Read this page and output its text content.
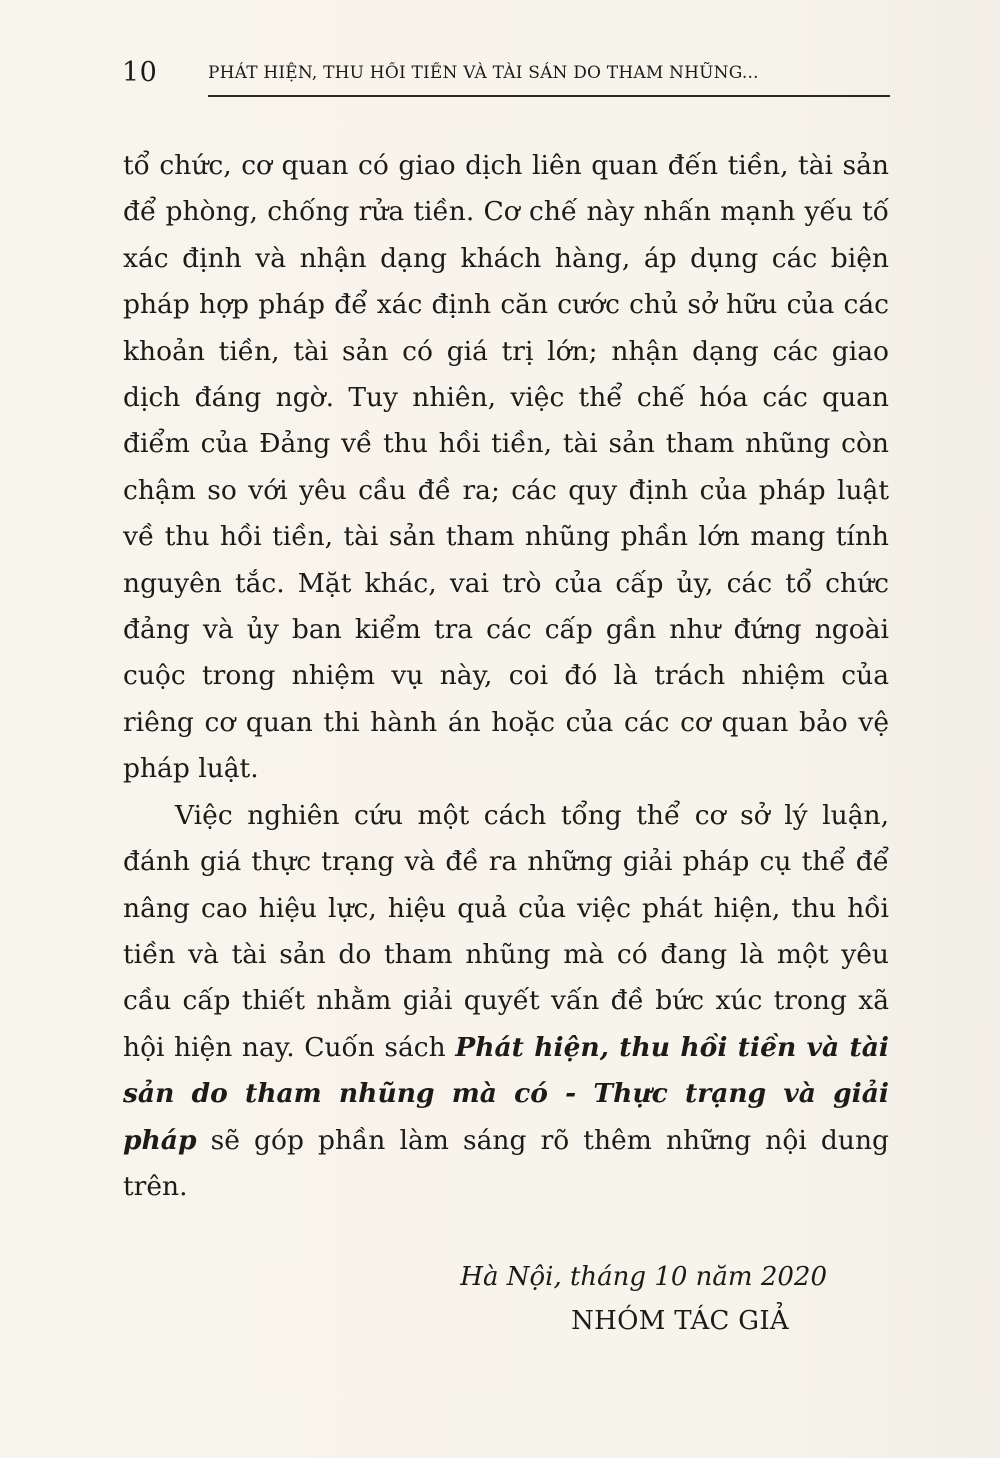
10	PHÁT HIỆN, THU HỒI TIỀN VÀ TÀI SẢN DO THAM NHŨNG...

tổ chức, cơ quan có giao dịch liên quan đến tiền, tài sản để phòng, chống rửa tiền. Cơ chế này nhấn mạnh yếu tố xác định và nhận dạng khách hàng, áp dụng các biện pháp hợp pháp để xác định căn cước chủ sở hữu của các khoản tiền, tài sản có giá trị lớn; nhận dạng các giao dịch đáng ngờ. Tuy nhiên, việc thể chế hóa các quan điểm của Đảng về thu hồi tiền, tài sản tham nhũng còn chậm so với yêu cầu đề ra; các quy định của pháp luật về thu hồi tiền, tài sản tham nhũng phần lớn mang tính nguyên tắc. Mặt khác, vai trò của cấp ủy, các tổ chức đảng và ủy ban kiểm tra các cấp gần như đứng ngoài cuộc trong nhiệm vụ này, coi đó là trách nhiệm của riêng cơ quan thi hành án hoặc của các cơ quan bảo vệ pháp luật.

Việc nghiên cứu một cách tổng thể cơ sở lý luận, đánh giá thực trạng và đề ra những giải pháp cụ thể để nâng cao hiệu lực, hiệu quả của việc phát hiện, thu hồi tiền và tài sản do tham nhũng mà có đang là một yêu cầu cấp thiết nhằm giải quyết vấn đề bức xúc trong xã hội hiện nay. Cuốn sách Phát hiện, thu hồi tiền và tài sản do tham nhũng mà có - Thực trạng và giải pháp sẽ góp phần làm sáng rõ thêm những nội dung trên.

Hà Nội, tháng 10 năm 2020
NHÓM TÁC GIẢ
